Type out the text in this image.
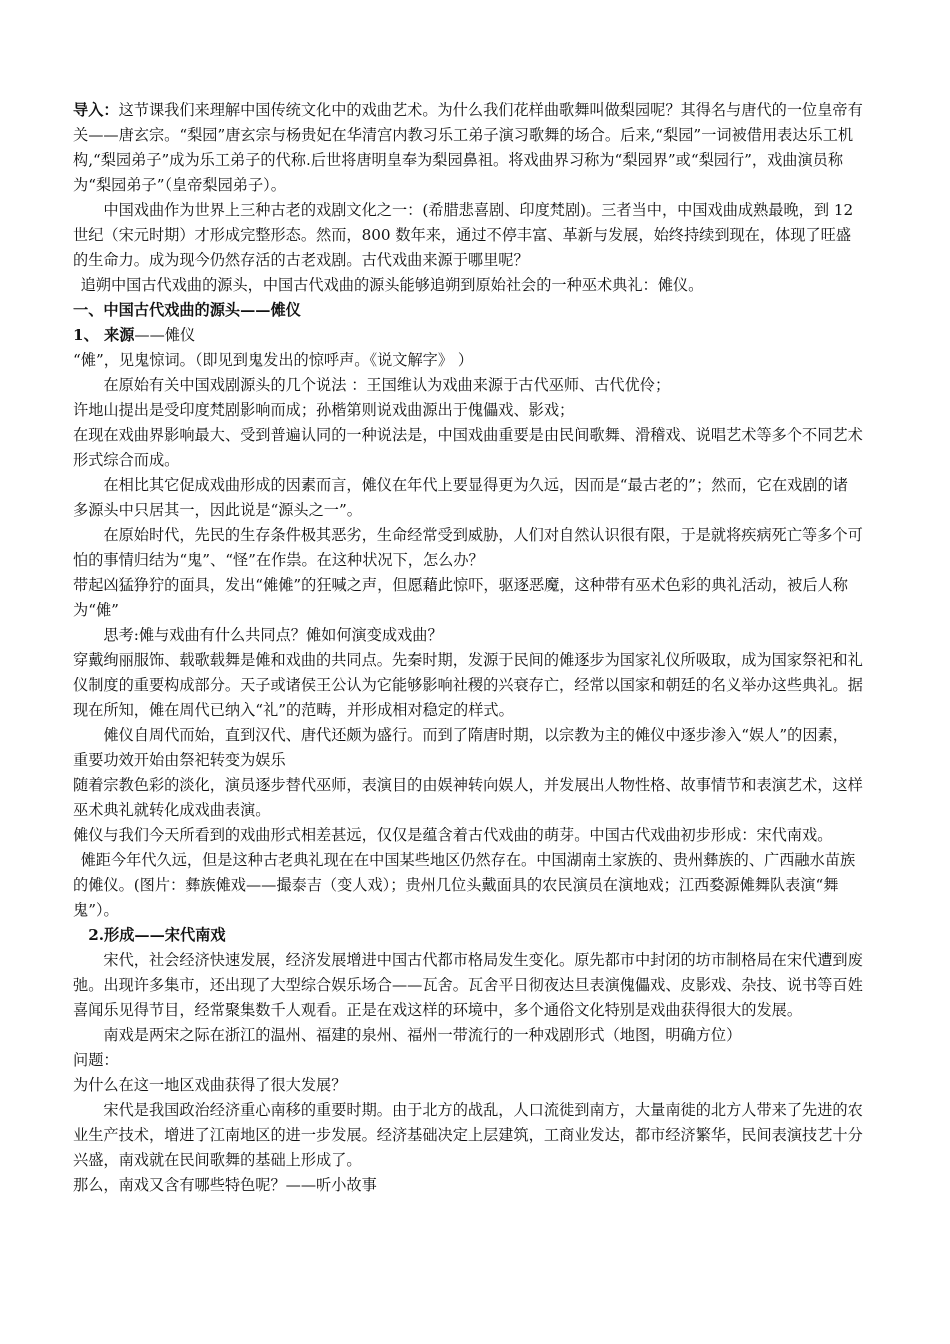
导入：这节课我们来理解中国传统文化中的戏曲艺术。为什么我们花样曲歌舞叫做梨园呢？其得名与唐代的一位皇帝有关——唐玄宗。“梨园”唐玄宗与杨贵妃在华清宫内教习乐工弟子演习歌舞的场合。后来,“梨园”一词被借用表达乐工机构,“梨园弟子”成为乐工弟子的代称.后世将唐明皇奉为梨园鼻祖。将戏曲界习称为“梨园界”或“梨园行”，戏曲演员称为“梨园弟子”（皇帝梨园弟子）。

中国戏曲作为世界上三种古老的戏剧文化之一：(希腊悲喜剧、印度梵剧)。三者当中，中国戏曲成熟最晚，到 12 世纪（宋元时期）才形成完整形态。然而，800 数年来，通过不停丰富、革新与发展，始终持续到现在，体现了旺盛的生命力。成为现今仍然存活的古老戏剧。古代戏曲来源于哪里呢？

追朔中国古代戏曲的源头，中国古代戏曲的源头能够追朔到原始社会的一种巫术典礼：傩仪。

一、中国古代戏曲的源头——傩仪

1、 来源——傩仪

“傩”，见鬼惊词。（即见到鬼发出的惊呼声。《说文解字》 ）

在原始有关中国戏剧源头的几个说法 ：王国维认为戏曲来源于古代巫师、古代优伶；

许地山提出是受印度梵剧影响而成；孙楷第则说戏曲源出于傀儡戏、影戏；

在现在戏曲界影响最大、受到普遍认同的一种说法是，中国戏曲重要是由民间歌舞、滑稽戏、说唱艺术等多个不同艺术形式综合而成。

在相比其它促成戏曲形成的因素而言，傩仪在年代上要显得更为久远，因而是“最古老的”；然而，它在戏剧的诸多源头中只居其一，因此说是“源头之一”。

在原始时代，先民的生存条件极其恶劣，生命经常受到威胁，人们对自然认识很有限，于是就将疾病死亡等多个可怕的事情归结为“鬼”、“怪”在作祟。在这种状况下，怎么办？

带起凶猛狰狞的面具，发出“傩傩”的狂喊之声，但愿藉此惊吓，驱逐恶魔，这种带有巫术色彩的典礼活动，被后人称为“傩”

思考:傩与戏曲有什么共同点？傩如何演变成戏曲？

穿戴绚丽服饰、载歌载舞是傩和戏曲的共同点。先秦时期，发源于民间的傩逐步为国家礼仪所吸取，成为国家祭祀和礼仪制度的重要构成部分。天子或诸侯王公认为它能够影响社稷的兴衰存亡，经常以国家和朝廷的名义举办这些典礼。据现在所知，傩在周代已纳入“礼”的范畴，并形成相对稳定的样式。

傩仪自周代而始，直到汉代、唐代还颇为盛行。而到了隋唐时期，以宗教为主的傩仪中逐步渗入“娱人”的因素，重要功效开始由祭祀转变为娱乐

随着宗教色彩的淡化，演员逐步替代巫师，表演目的由娱神转向娱人，并发展出人物性格、故事情节和表演艺术，这样巫术典礼就转化成戏曲表演。

傩仪与我们今天所看到的戏曲形式相差甚远，仅仅是蕴含着古代戏曲的萌芽。中国古代戏曲初步形成：宋代南戏。

傩距今年代久远，但是这种古老典礼现在在中国某些地区仍然存在。中国湖南土家族的、贵州彝族的、广西融水苗族的傩仪。(图片：彝族傩戏——撮泰吉（变人戏）；贵州几位头戴面具的农民演员在演地戏；江西婺源傩舞队表演“舞鬼”）。

2.形成——宋代南戏

宋代，社会经济快速发展，经济发展增进中国古代都市格局发生变化。原先都市中封闭的坊市制格局在宋代遭到废弛。出现许多集市，还出现了大型综合娱乐场合——瓦舍。瓦舍平日彻夜达旦表演傀儡戏、皮影戏、杂技、说书等百姓喜闻乐见得节目，经常聚集数千人观看。正是在戏这样的环境中，多个通俗文化特别是戏曲获得很大的发展。

南戏是两宋之际在浙江的温州、福建的泉州、福州一带流行的一种戏剧形式（地图，明确方位）

问题：

为什么在这一地区戏曲获得了很大发展？

宋代是我国政治经济重心南移的重要时期。由于北方的战乱，人口流徙到南方，大量南徙的北方人带来了先进的农业生产技术，增进了江南地区的进一步发展。经济基础决定上层建筑，工商业发达，都市经济繁华，民间表演技艺十分兴盛，南戏就在民间歌舞的基础上形成了。

那么，南戏又含有哪些特色呢？——听小故事
